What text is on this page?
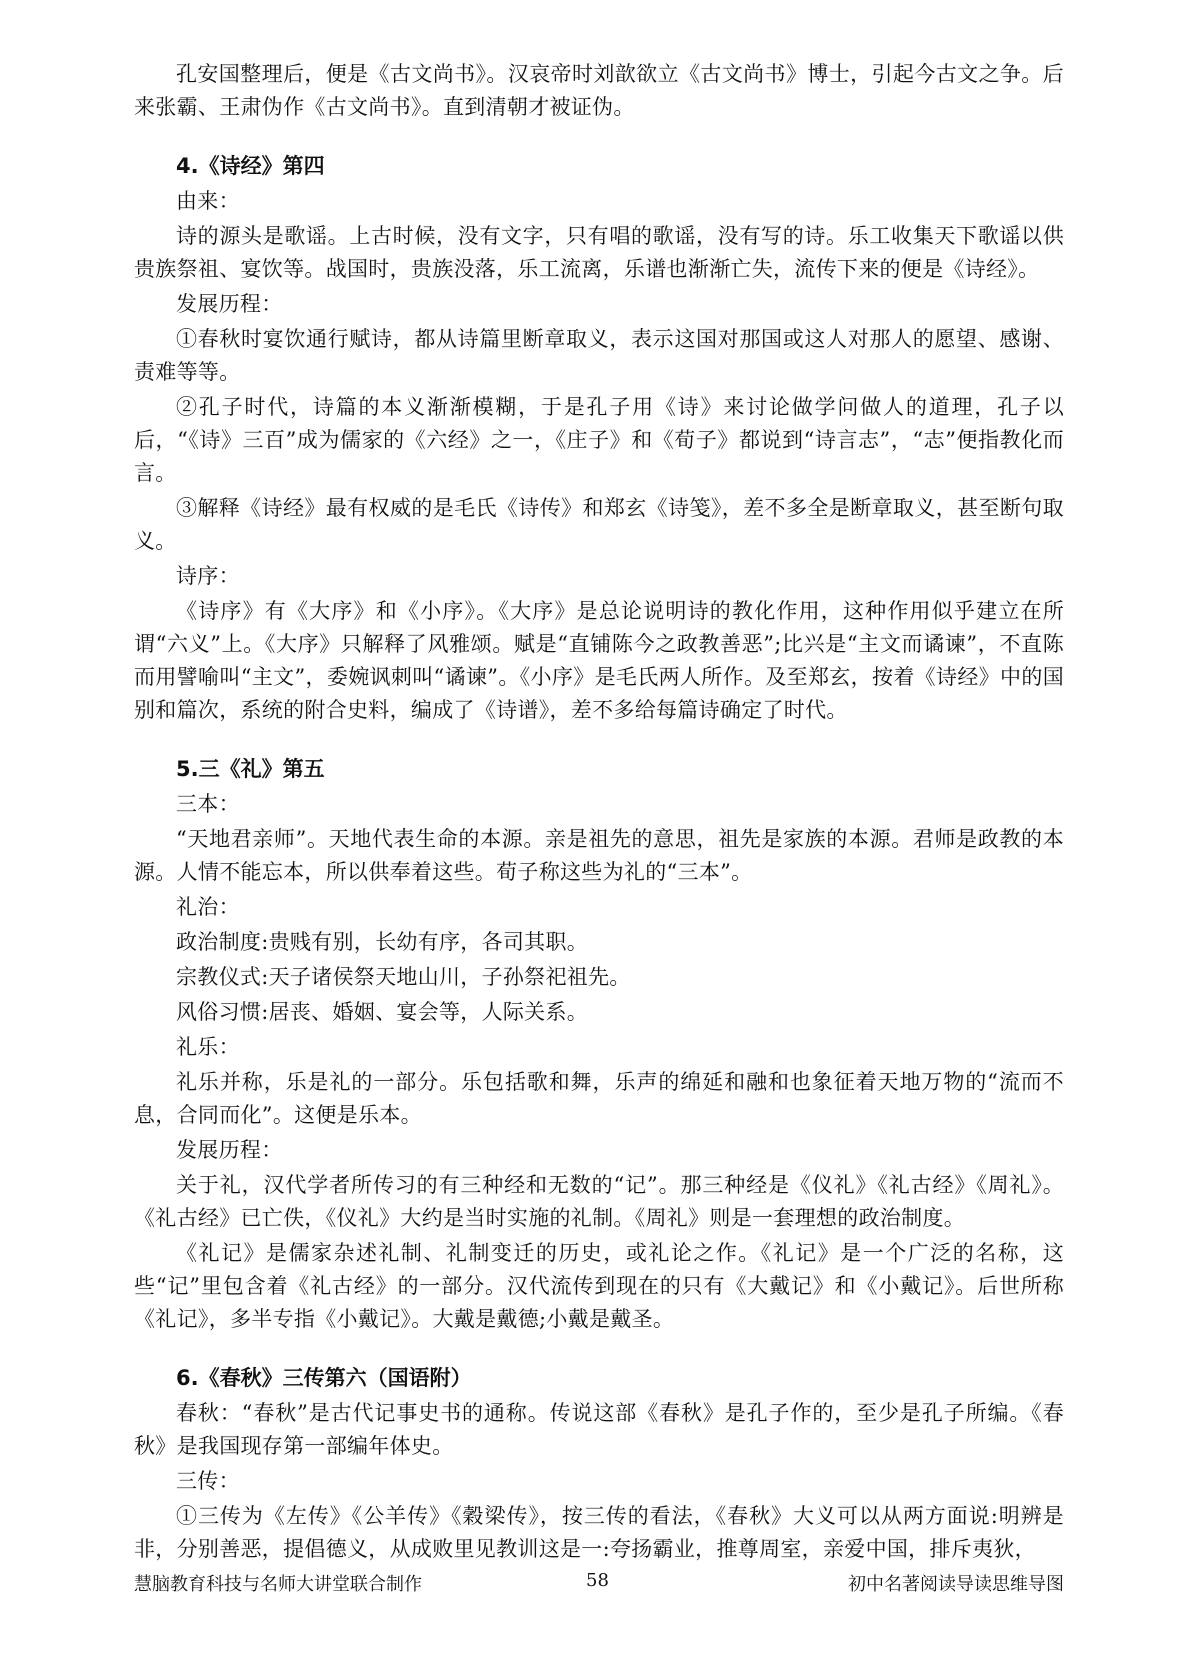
孔安国整理后，便是《古文尚书》。汉哀帝时刘歆欲立《古文尚书》博士，引起今古文之争。后来张霸、王肃伪作《古文尚书》。直到清朝才被证伪。

4.《诗经》第四

由来：

诗的源头是歌谣。上古时候，没有文字，只有唱的歌谣，没有写的诗。乐工收集天下歌谣以供贵族祭祖、宴饮等。战国时，贵族没落，乐工流离，乐谱也渐渐亡失，流传下来的便是《诗经》。

发展历程：

①春秋时宴饮通行赋诗，都从诗篇里断章取义，表示这国对那国或这人对那人的愿望、感谢、责难等等。

②孔子时代，诗篇的本义渐渐模糊，于是孔子用《诗》来讨论做学问做人的道理，孔子以后，“《诗》三百”成为儒家的《六经》之一，《庄子》和《荀子》都说到“诗言志”，“志”便指教化而言。

③解释《诗经》最有权威的是毛氏《诗传》和郑玄《诗笺》，差不多全是断章取义，甚至断句取义。

诗序：

《诗序》有《大序》和《小序》。《大序》是总论说明诗的教化作用，这种作用似乎建立在所谓“六义”上。《大序》只解释了风雅颂。赋是“直铺陈今之政教善恶”;比兴是“主文而谲谏”，不直陈而用譬喻叫“主文”，委婉讽刺叫“谲谏”。《小序》是毛氏两人所作。及至郑玄，按着《诗经》中的国别和篇次，系统的附合史料，编成了《诗谱》，差不多给每篇诗确定了时代。

5.三《礼》第五

三本：

“天地君亲师”。天地代表生命的本源。亲是祖先的意思，祖先是家族的本源。君师是政教的本源。人情不能忘本，所以供奉着这些。荀子称这些为礼的“三本”。

礼治：

政治制度:贵贱有别，长幼有序，各司其职。

宗教仪式:天子诸侯祭天地山川，子孙祭祀祖先。

风俗习惯:居丧、婚姻、宴会等，人际关系。

礼乐：

礼乐并称，乐是礼的一部分。乐包括歌和舞，乐声的绵延和融和也象征着天地万物的“流而不息，合同而化”。这便是乐本。

发展历程：

关于礼，汉代学者所传习的有三种经和无数的“记”。那三种经是《仪礼》《礼古经》《周礼》。《礼古经》已亡佚，《仪礼》大约是当时实施的礼制。《周礼》则是一套理想的政治制度。

《礼记》是儒家杂述礼制、礼制变迁的历史，或礼论之作。《礼记》是一个广泛的名称，这些“记”里包含着《礼古经》的一部分。汉代流传到现在的只有《大戴记》和《小戴记》。后世所称《礼记》，多半专指《小戴记》。大戴是戴德;小戴是戴圣。

6.《春秋》三传第六（国语附）

春秋：“春秋”是古代记事史书的通称。传说这部《春秋》是孔子作的，至少是孔子所编。《春秋》是我国现存第一部编年体史。

三传：

①三传为《左传》《公羊传》《穀梁传》，按三传的看法，《春秋》大义可以从两方面说:明辨是非，分别善恶，提倡德义，从成败里见教训这是一:夸扬霸业，推尊周室，亲爱中国，排斥夷狄，

慧脑教育科技与名师大讲堂联合制作	58	初中名著阅读导读思维导图
